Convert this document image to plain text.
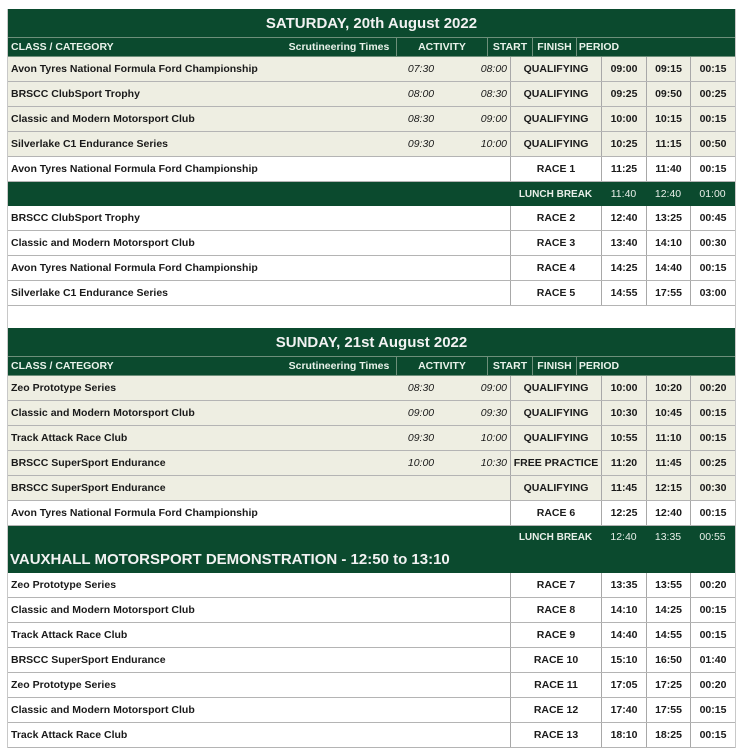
SATURDAY, 20th August 2022
CLASS / CATEGORY	Scrutineering Times	ACTIVITY	START FINISH PERIOD
Avon Tyres National Formula Ford Championship	07:30	08:00	QUALIFYING	09:00	09:15	00:15
BRSCC ClubSport Trophy	08:00	08:30	QUALIFYING	09:25	09:50	00:25
Classic and Modern Motorsport Club	08:30	09:00	QUALIFYING	10:00	10:15	00:15
Silverlake C1 Endurance Series	09:30	10:00	QUALIFYING	10:25	11:15	00:50
Avon Tyres National Formula Ford Championship	RACE 1	11:25	11:40	00:15
LUNCH BREAK	11:40	12:40	01:00
BRSCC ClubSport Trophy	RACE 2	12:40	13:25	00:45
Classic and Modern Motorsport Club	RACE 3	13:40	14:10	00:30
Avon Tyres National Formula Ford Championship	RACE 4	14:25	14:40	00:15
Silverlake C1 Endurance Series	RACE 5	14:55	17:55	03:00
SUNDAY, 21st August 2022
CLASS / CATEGORY	Scrutineering Times	ACTIVITY	START FINISH PERIOD
Zeo Prototype Series	08:30	09:00	QUALIFYING	10:00	10:20	00:20
Classic and Modern Motorsport Club	09:00	09:30	QUALIFYING	10:30	10:45	00:15
Track Attack Race Club	09:30	10:00	QUALIFYING	10:55	11:10	00:15
BRSCC SuperSport Endurance	10:00	10:30 FREE PRACTICE	11:20	11:45	00:25
BRSCC SuperSport Endurance	QUALIFYING	11:45	12:15	00:30
Avon Tyres National Formula Ford Championship	RACE 6	12:25	12:40	00:15
LUNCH BREAK	12:40	13:35	00:55
VAUXHALL MOTORSPORT DEMONSTRATION - 12:50 to 13:10
Zeo Prototype Series	RACE 7	13:35	13:55	00:20
Classic and Modern Motorsport Club	RACE 8	14:10	14:25	00:15
Track Attack Race Club	RACE 9	14:40	14:55	00:15
BRSCC SuperSport Endurance	RACE 10	15:10	16:50	01:40
Zeo Prototype Series	RACE 11	17:05	17:25	00:20
Classic and Modern Motorsport Club	RACE 12	17:40	17:55	00:15
Track Attack Race Club	RACE 13	18:10	18:25	00:15
